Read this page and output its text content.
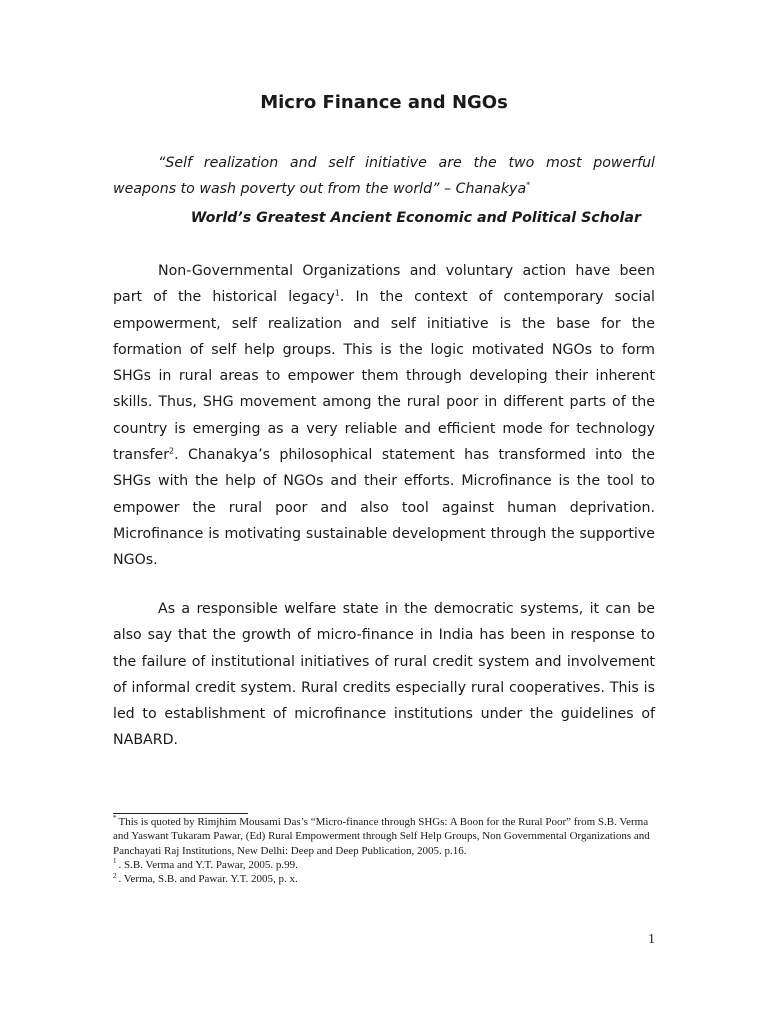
Micro Finance and NGOs

“Self realization and self initiative are the two most powerful weapons to wash poverty out from the world” – Chanakya*

World’s Greatest Ancient Economic and Political Scholar

Non-Governmental Organizations and voluntary action have been part of the historical legacy$^1$. In the context of contemporary social empowerment, self realization and self initiative is the base for the formation of self help groups. This is the logic motivated NGOs to form SHGs in rural areas to empower them through developing their inherent skills. Thus, SHG movement among the rural poor in different parts of the country is emerging as a very reliable and efficient mode for technology transfer$^2$. Chanakya’s philosophical statement has transformed into the SHGs with the help of NGOs and their efforts. Microfinance is the tool to empower the rural poor and also tool against human deprivation. Microfinance is motivating sustainable development through the supportive NGOs.

As a responsible welfare state in the democratic systems, it can be also say that the growth of micro-finance in India has been in response to the failure of institutional initiatives of rural credit system and involvement of informal credit system. Rural credits especially rural cooperatives. This is led to establishment of microfinance institutions under the guidelines of NABARD.

* This is quoted by Rimjhim Mousami Das’s “Micro-finance through SHGs: A Boon for the Rural Poor” from S.B. Verma and Yaswant Tukaram Pawar, (Ed) Rural Empowerment through Self Help Groups, Non Governmental Organizations and Panchayati Raj Institutions, New Delhi: Deep and Deep Publication, 2005. p.16.

$^1$ . S.B. Verma and Y.T. Pawar, 2005. p.99.

$^2$ . Verma, S.B. and Pawar. Y.T. 2005, p. x.

1
